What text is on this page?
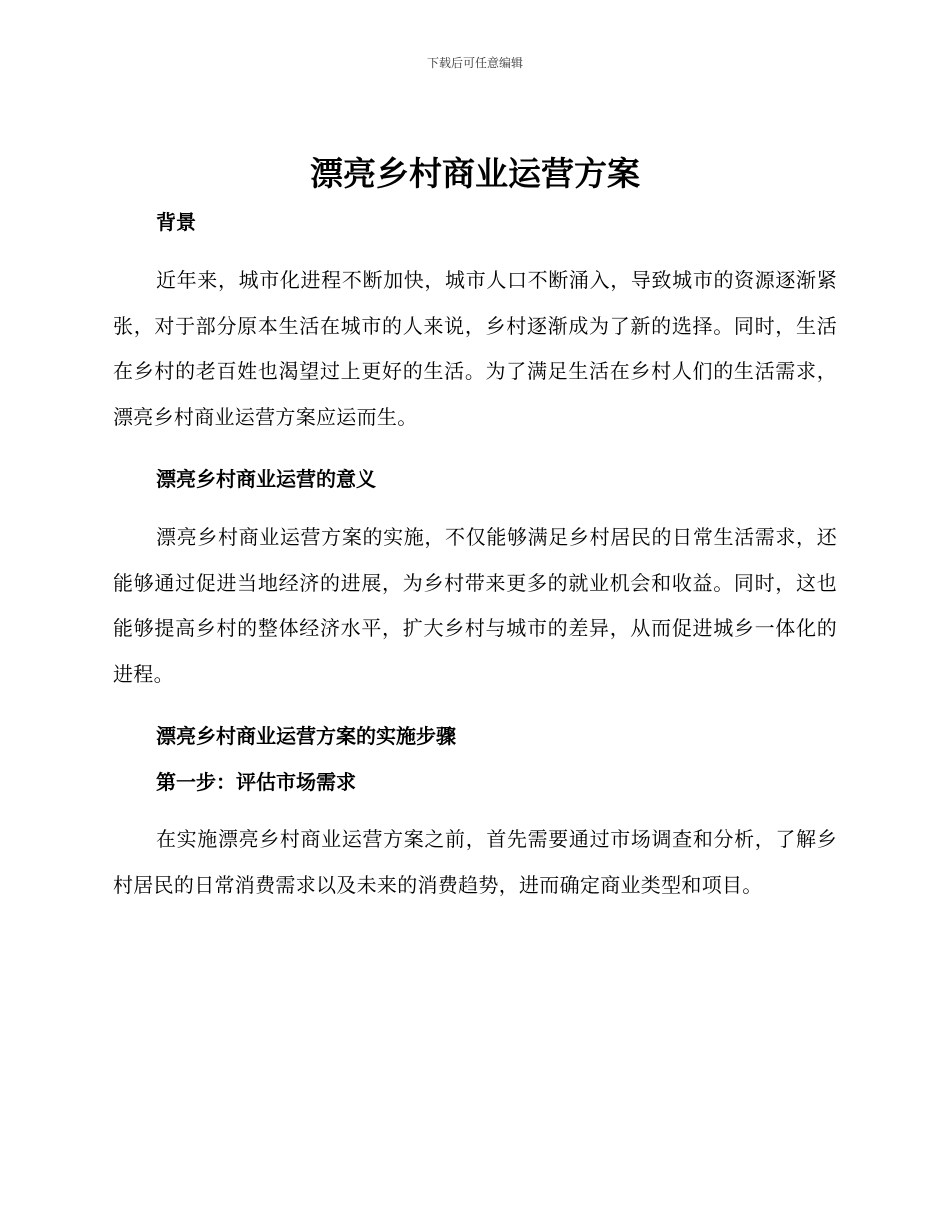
下载后可任意编辑
漂亮乡村商业运营方案
背景

近年来，城市化进程不断加快，城市人口不断涌入，导致城市的资源逐渐紧张，对于部分原本生活在城市的人来说，乡村逐渐成为了新的选择。同时，生活在乡村的老百姓也渴望过上更好的生活。为了满足生活在乡村人们的生活需求，漂亮乡村商业运营方案应运而生。

漂亮乡村商业运营的意义

漂亮乡村商业运营方案的实施，不仅能够满足乡村居民的日常生活需求，还能够通过促进当地经济的进展，为乡村带来更多的就业机会和收益。同时，这也能够提高乡村的整体经济水平，扩大乡村与城市的差异，从而促进城乡一体化的进程。

漂亮乡村商业运营方案的实施步骤
第一步：评估市场需求

在实施漂亮乡村商业运营方案之前，首先需要通过市场调查和分析，了解乡村居民的日常消费需求以及未来的消费趋势，进而确定商业类型和项目。
